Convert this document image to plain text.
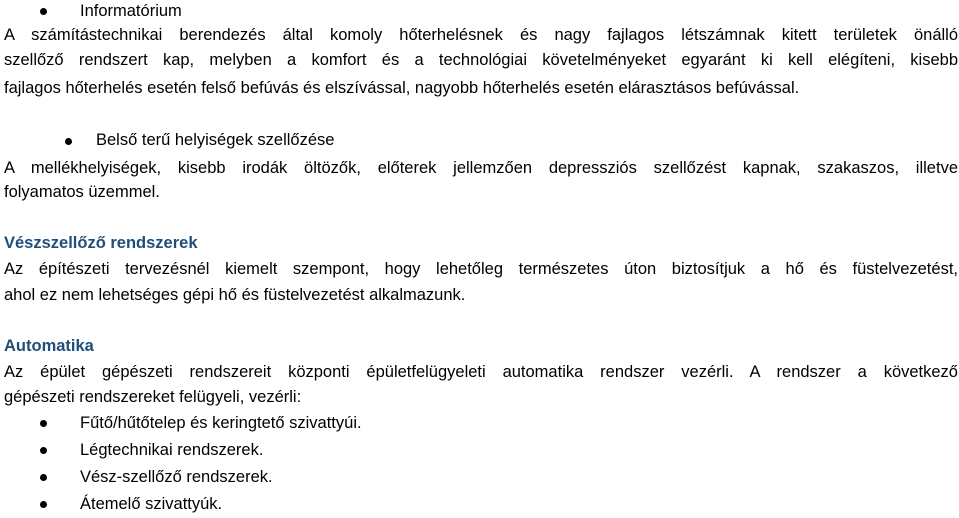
Informatórium
A számítástechnikai berendezés által komoly hőterhelésnek és nagy fajlagos létszámnak kitett területek önálló
szellőző rendszert kap, melyben a komfort és a technológiai követelményeket egyaránt ki kell elégíteni, kisebb
fajlagos hőterhelés esetén felső befúvás és elszívással, nagyobb hőterhelés esetén elárasztásos befúvással.
Belső terű helyiségek szellőzése
A mellékhelyiségek, kisebb irodák öltözők, előterek jellemzően depressziós szellőzést kapnak, szakaszos, illetve
folyamatos üzemmel.
Vészszellőző rendszerek
Az építészeti tervezésnél kiemelt szempont, hogy lehetőleg természetes úton biztosítjuk a hő és füstelvezetést,
ahol ez nem lehetséges gépi hő és füstelvezetést alkalmazunk.
Automatika
Az épület gépészeti rendszereit központi épületfelügyeleti automatika rendszer vezérli. A rendszer a következő
gépészeti rendszereket felügyeli, vezérli:
Fűtő/hűtőtelep és keringtető szivattyúi.
Légtechnikai rendszerek.
Vész-szellőző rendszerek.
Átemelő szivattyúk.
